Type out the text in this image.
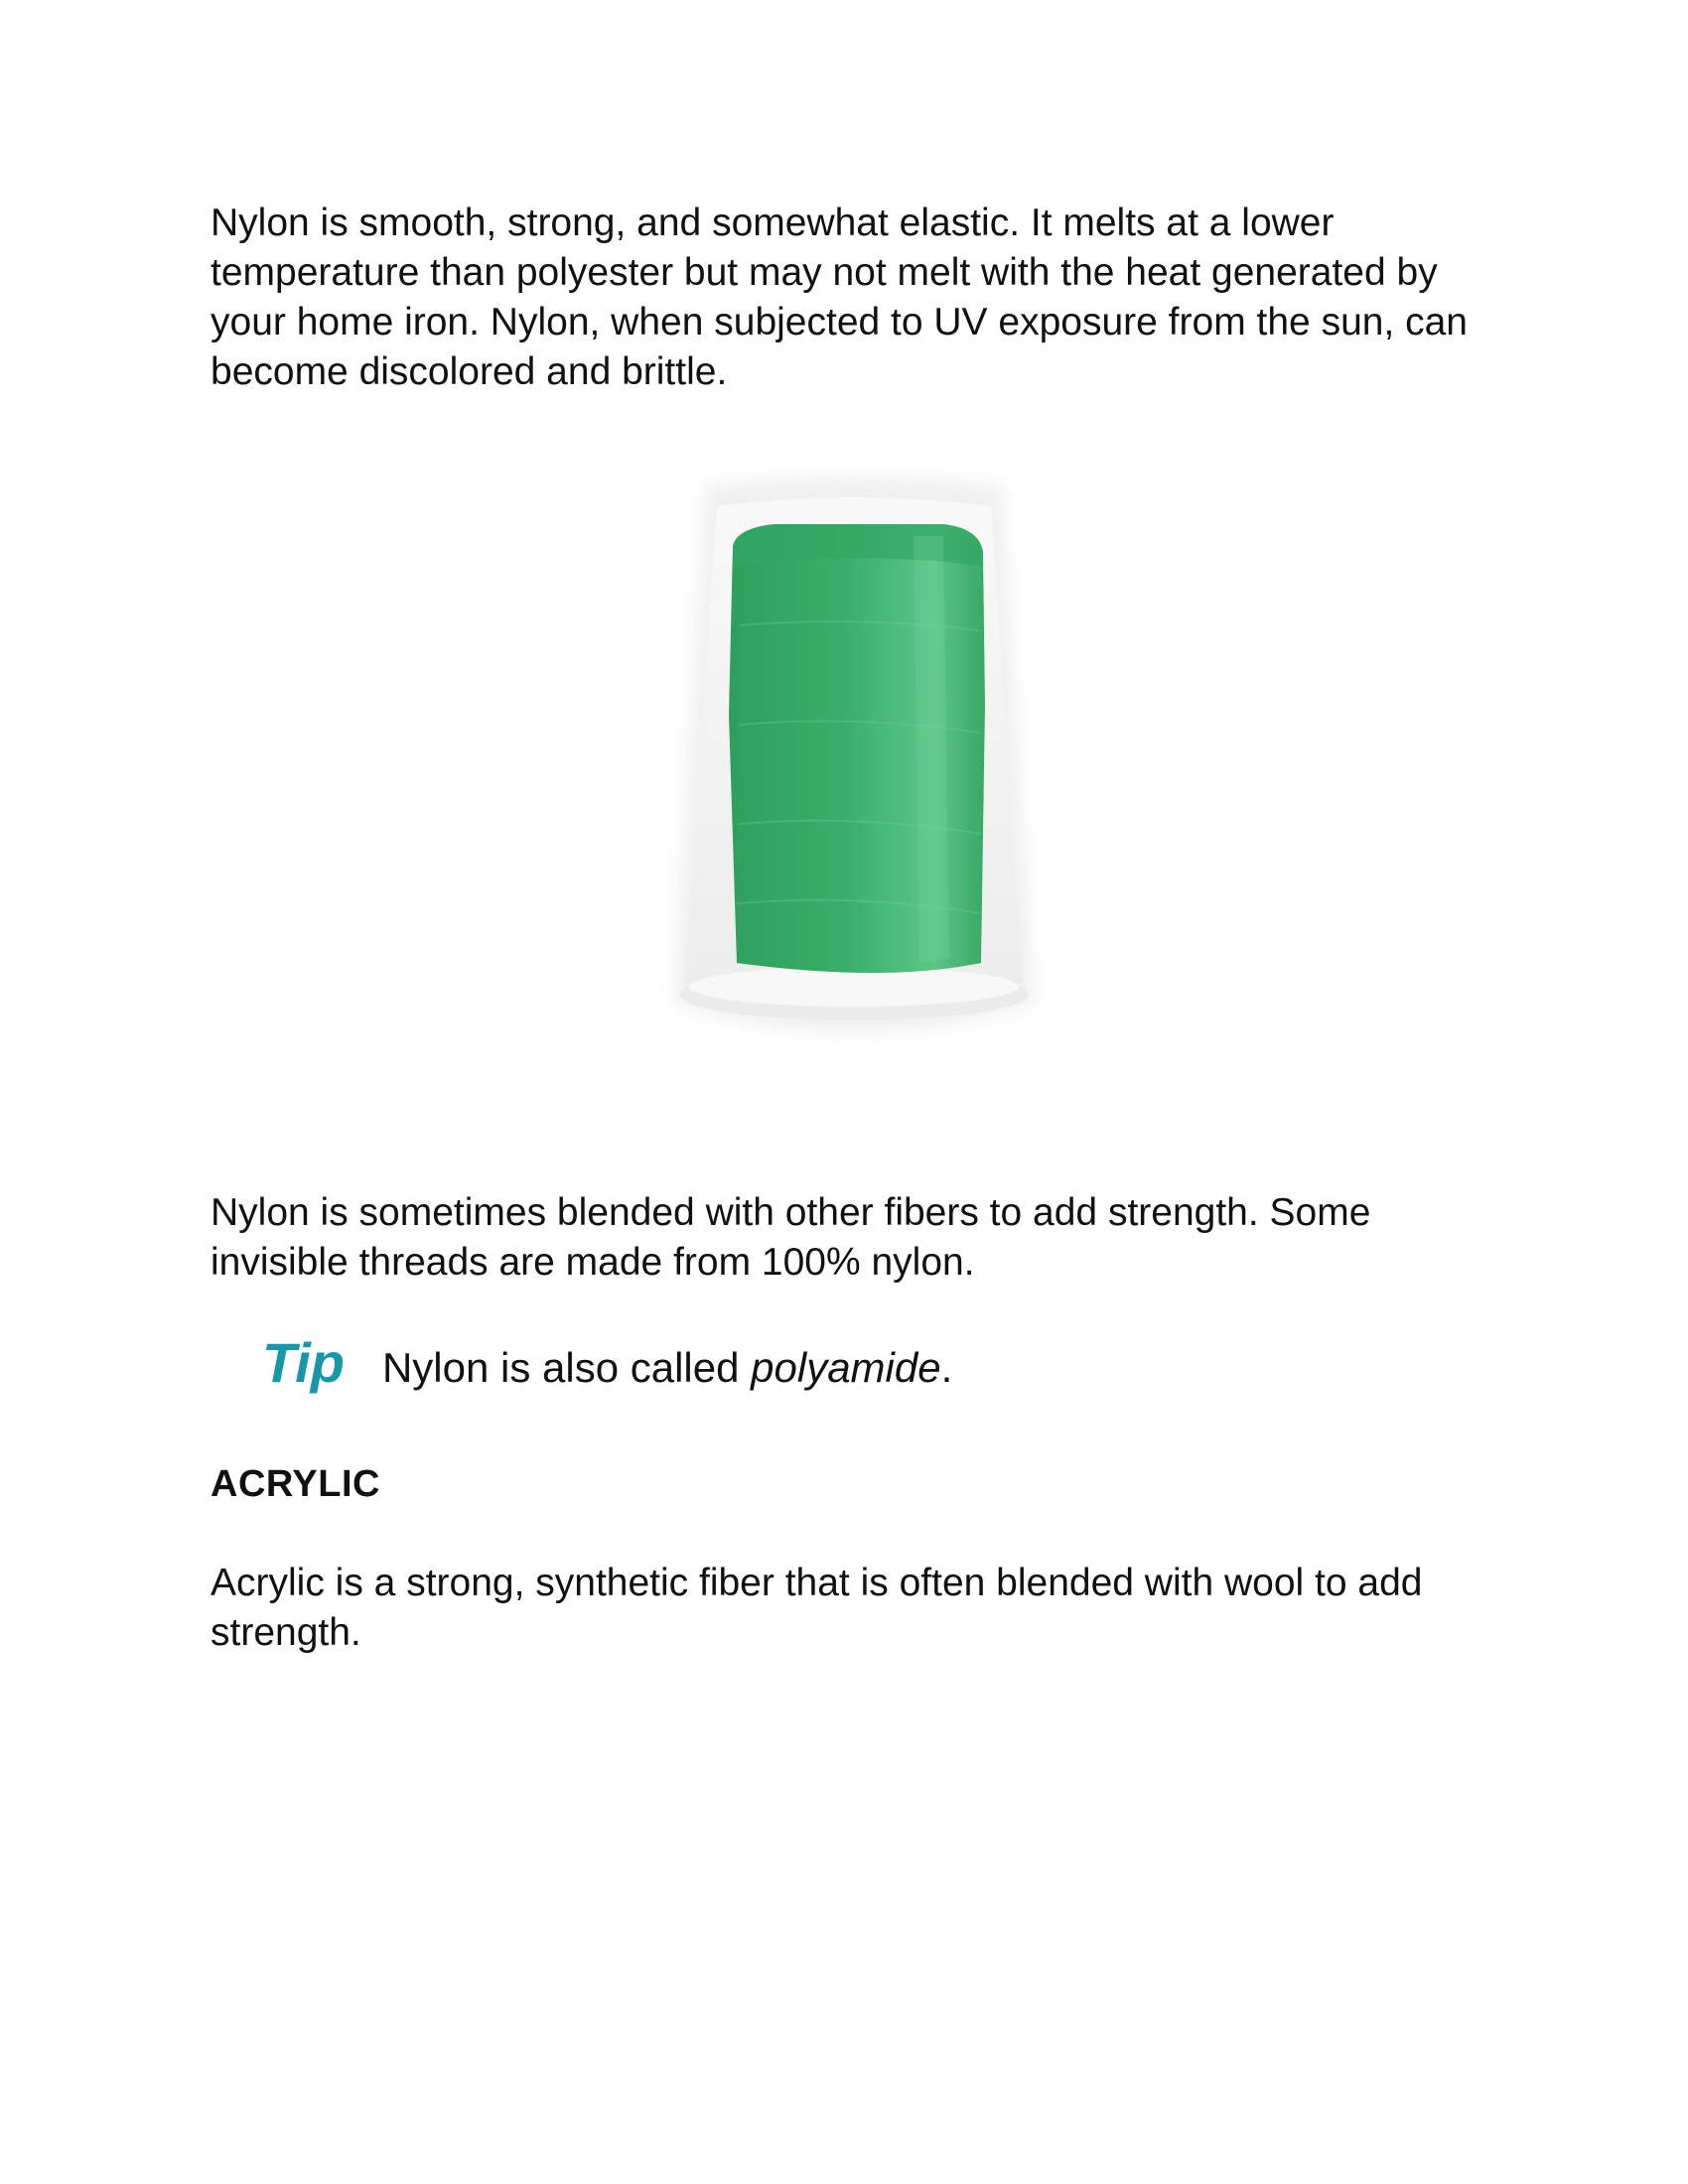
Nylon is smooth, strong, and somewhat elastic. It melts at a lower temperature than polyester but may not melt with the heat generated by your home iron. Nylon, when subjected to UV exposure from the sun, can become discolored and brittle.

Nylon is sometimes blended with other fibers to add strength. Some invisible threads are made from 100% nylon.

Tip Nylon is also called polyamide.
ACRYLIC

Acrylic is a strong, synthetic fiber that is often blended with wool to add strength.
